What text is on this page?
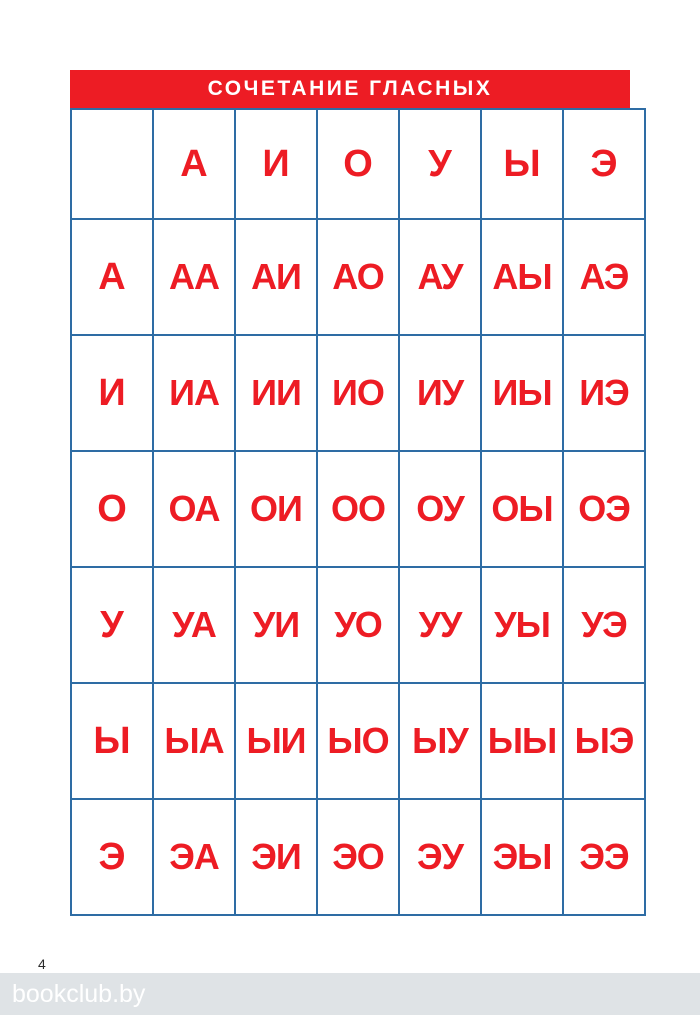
СОЧЕТАНИЕ ГЛАСНЫХ
	А	И	О	У	Ы	Э
А	АА	АИ	АО	АУ	АЫ	АЭ
И	ИА	ИИ	ИО	ИУ	ИЫ	ИЭ
О	ОА	ОИ	ОО	ОУ	ОЫ	ОЭ
У	УА	УИ	УО	УУ	УЫ	УЭ
Ы	ЫА	ЫИ	ЫО	ЫУ	ЫЫ	ЫЭ
Э	ЭА	ЭИ	ЭО	ЭУ	ЭЫ	ЭЭ
4
bookclub.by
